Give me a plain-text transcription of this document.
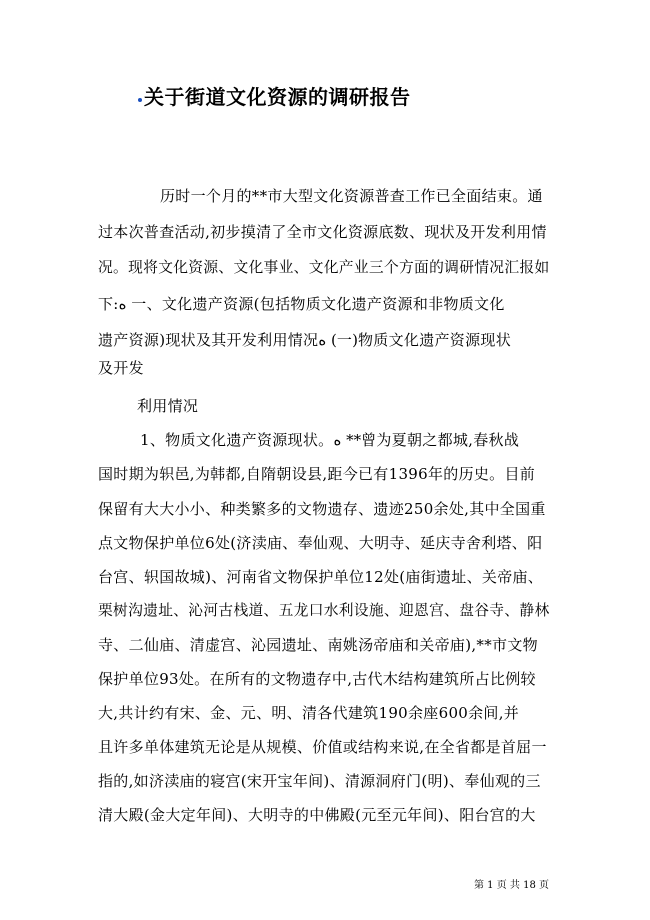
关于街道文化资源的调研报告
历时一个月的**市大型文化资源普查工作已全面结束。通
过本次普查活动,初步摸清了全市文化资源底数、现状及开发利用情
况。现将文化资源、文化事业、文化产业三个方面的调研情况汇报如
下:ﻩ 一、文化遗产资源(包括物质文化遗产资源和非物质文化
遗产资源)现状及其开发利用情况ﻩ (一)物质文化遗产资源现状
及开发
利用情况
1、物质文化遗产资源现状。ﻩ **曾为夏朝之都城,春秋战
国时期为轵邑,为韩都,自隋朝设县,距今已有1396年的历史。目前
保留有大大小小、种类繁多的文物遗存、遗迹250余处,其中全国重
点文物保护单位6处(济渎庙、奉仙观、大明寺、延庆寺舍利塔、阳
台宫、轵国故城)、河南省文物保护单位12处(庙街遗址、关帝庙、
栗树沟遗址、沁河古栈道、五龙口水利设施、迎恩宫、盘谷寺、静林
寺、二仙庙、清虚宫、沁园遗址、南姚汤帝庙和关帝庙),**市文物
保护单位93处。在所有的文物遗存中,古代木结构建筑所占比例较
大,共计约有宋、金、元、明、清各代建筑190余座600余间,并
且许多单体建筑无论是从规模、价值或结构来说,在全省都是首屈一
指的,如济渎庙的寝宫(宋开宝年间)、清源洞府门(明)、奉仙观的三
清大殿(金大定年间)、大明寺的中佛殿(元至元年间)、阳台宫的大
第 1 页 共 18 页
